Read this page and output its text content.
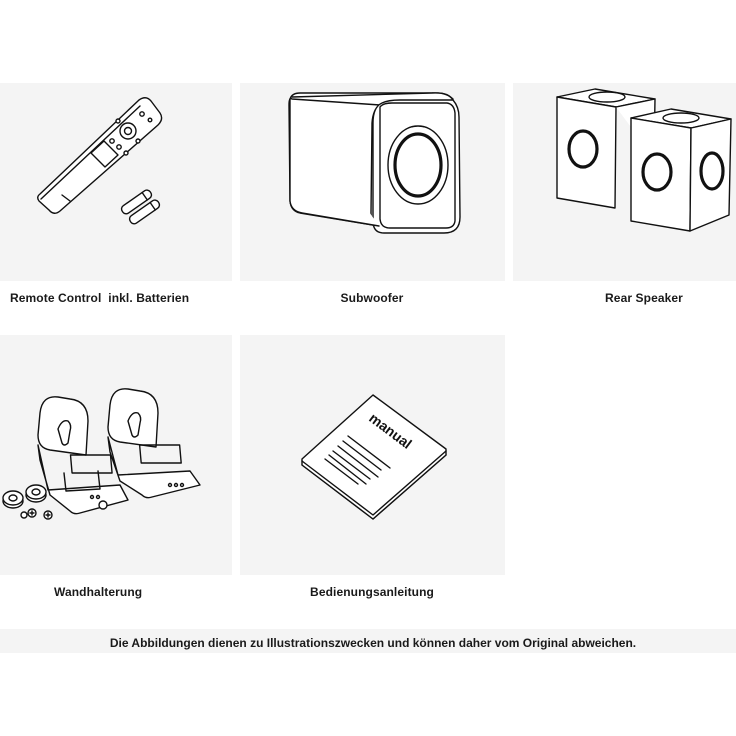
Remote Control  inkl. Batterien	Subwoofer	Rear Speaker
Wandhalterung
manual
Bedienungsanleitung
Die Abbildungen dienen zu Illustrationszwecken und können daher vom Original abweichen.
